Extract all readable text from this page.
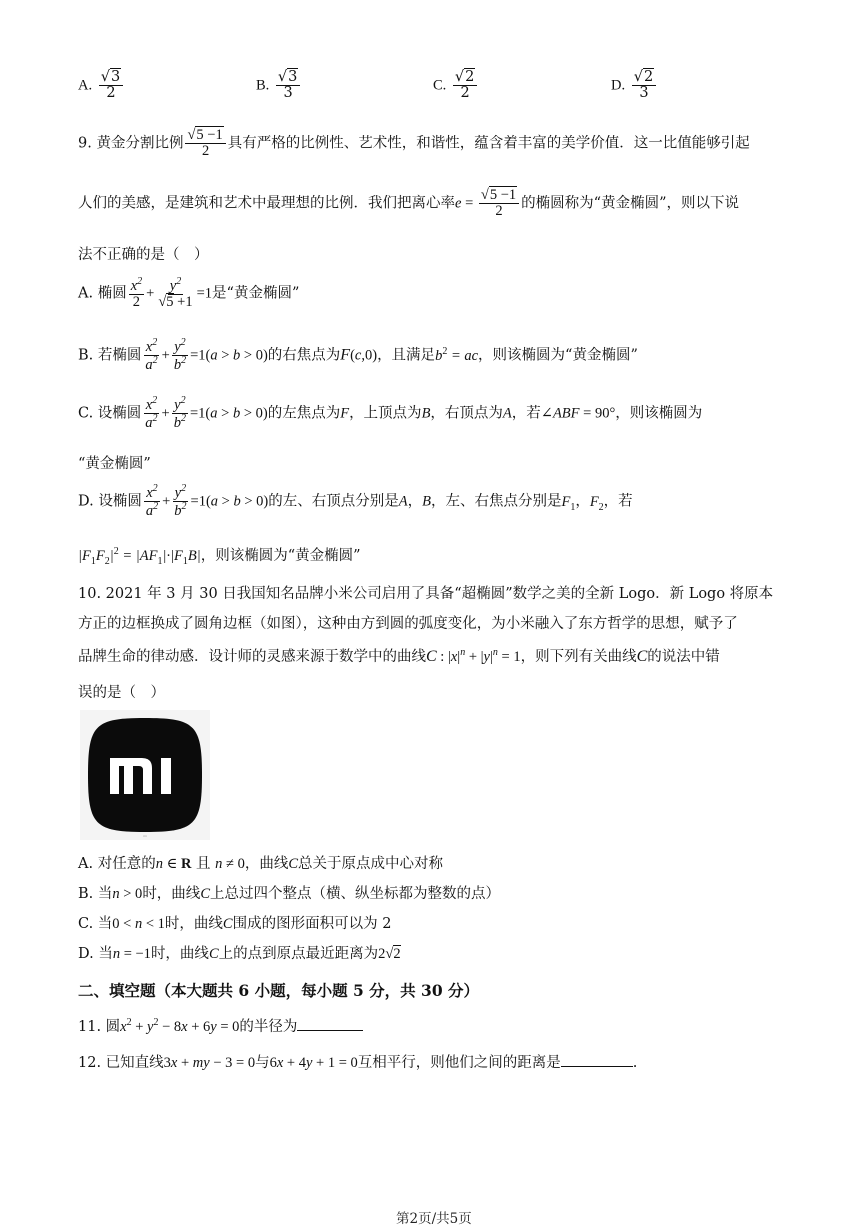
A. $\frac{√3}{2}$	B. $\frac{√3}{3}$	C. $\frac{√2}{2}$	D. $\frac{√2}{3}$
9. 黄金分割比例 $\frac{√5 -1}{2}$ 具有严格的比例性、艺术性，和谐性，蕴含着丰富的美学价值．这一比值能够引起
人们的美感，是建筑和艺术中最理想的比例．我们把离心率$e = \frac{√5 -1}{2}$ 的椭圆称为“黄金椭圆”，则以下说
法不正确的是（　）
A. 椭圆 $\frac{x^2}{2} + \frac{y^2}{√5 +1} =1$是“黄金椭圆”
B. 若椭圆 $\frac{x^2}{a^2} + \frac{y^2}{b^2} =1(a > b > 0)$的右焦点为F(c,0)，且满足$b^2$ = ac，则该椭圆为“黄金椭圆”
C. 设椭圆 $\frac{x^2}{a^2} + \frac{y^2}{b^2} =1(a > b > 0)$的左焦点为F，上顶点为B，右顶点为A，若∠ABF = 90°，则该椭圆为
“黄金椭圆”
D. 设椭圆 $\frac{x^2}{a^2} + \frac{y^2}{b^2} =1(a > b > 0)$的左、右顶点分别是A，B，左、右焦点分别是$F_1$，$F_2$，若
$|F_1F_2|^2 = |AF_1|\cdot|F_1B|$，则该椭圆为“黄金椭圆”
10. 2021 年 3 月 30 日我国知名品牌小米公司启用了具备“超椭圆”数学之美的全新 Logo．新 Logo 将原本
方正的边框换成了圆角边框（如图），这种由方到圆的弧度变化，为小米融入了东方哲学的思想，赋予了
品牌生命的律动感．设计师的灵感来源于数学中的曲线C : $|x|^n + |y|^n = 1$，则下列有关曲线C的说法中错
误的是（　）
mi
A. 对任意的n ∈ R 且 n ≠ 0，曲线C总关于原点成中心对称
B. 当n > 0时，曲线C上总过四个整点（横、纵坐标都为整数的点）
C. 当0 < n < 1时，曲线C围成的图形面积可以为 2
D. 当n = −1时，曲线C上的点到原点最近距离为2√2
二、填空题（本大题共 6 小题，每小题 5 分，共 30 分）
11. 圆$x^2 + y^2 - 8x + 6y = 0$的半径为
12. 已知直线3x + my − 3 = 0与6x + 4y + 1 = 0互相平行，则他们之间的距离是	.
第2页/共5页
